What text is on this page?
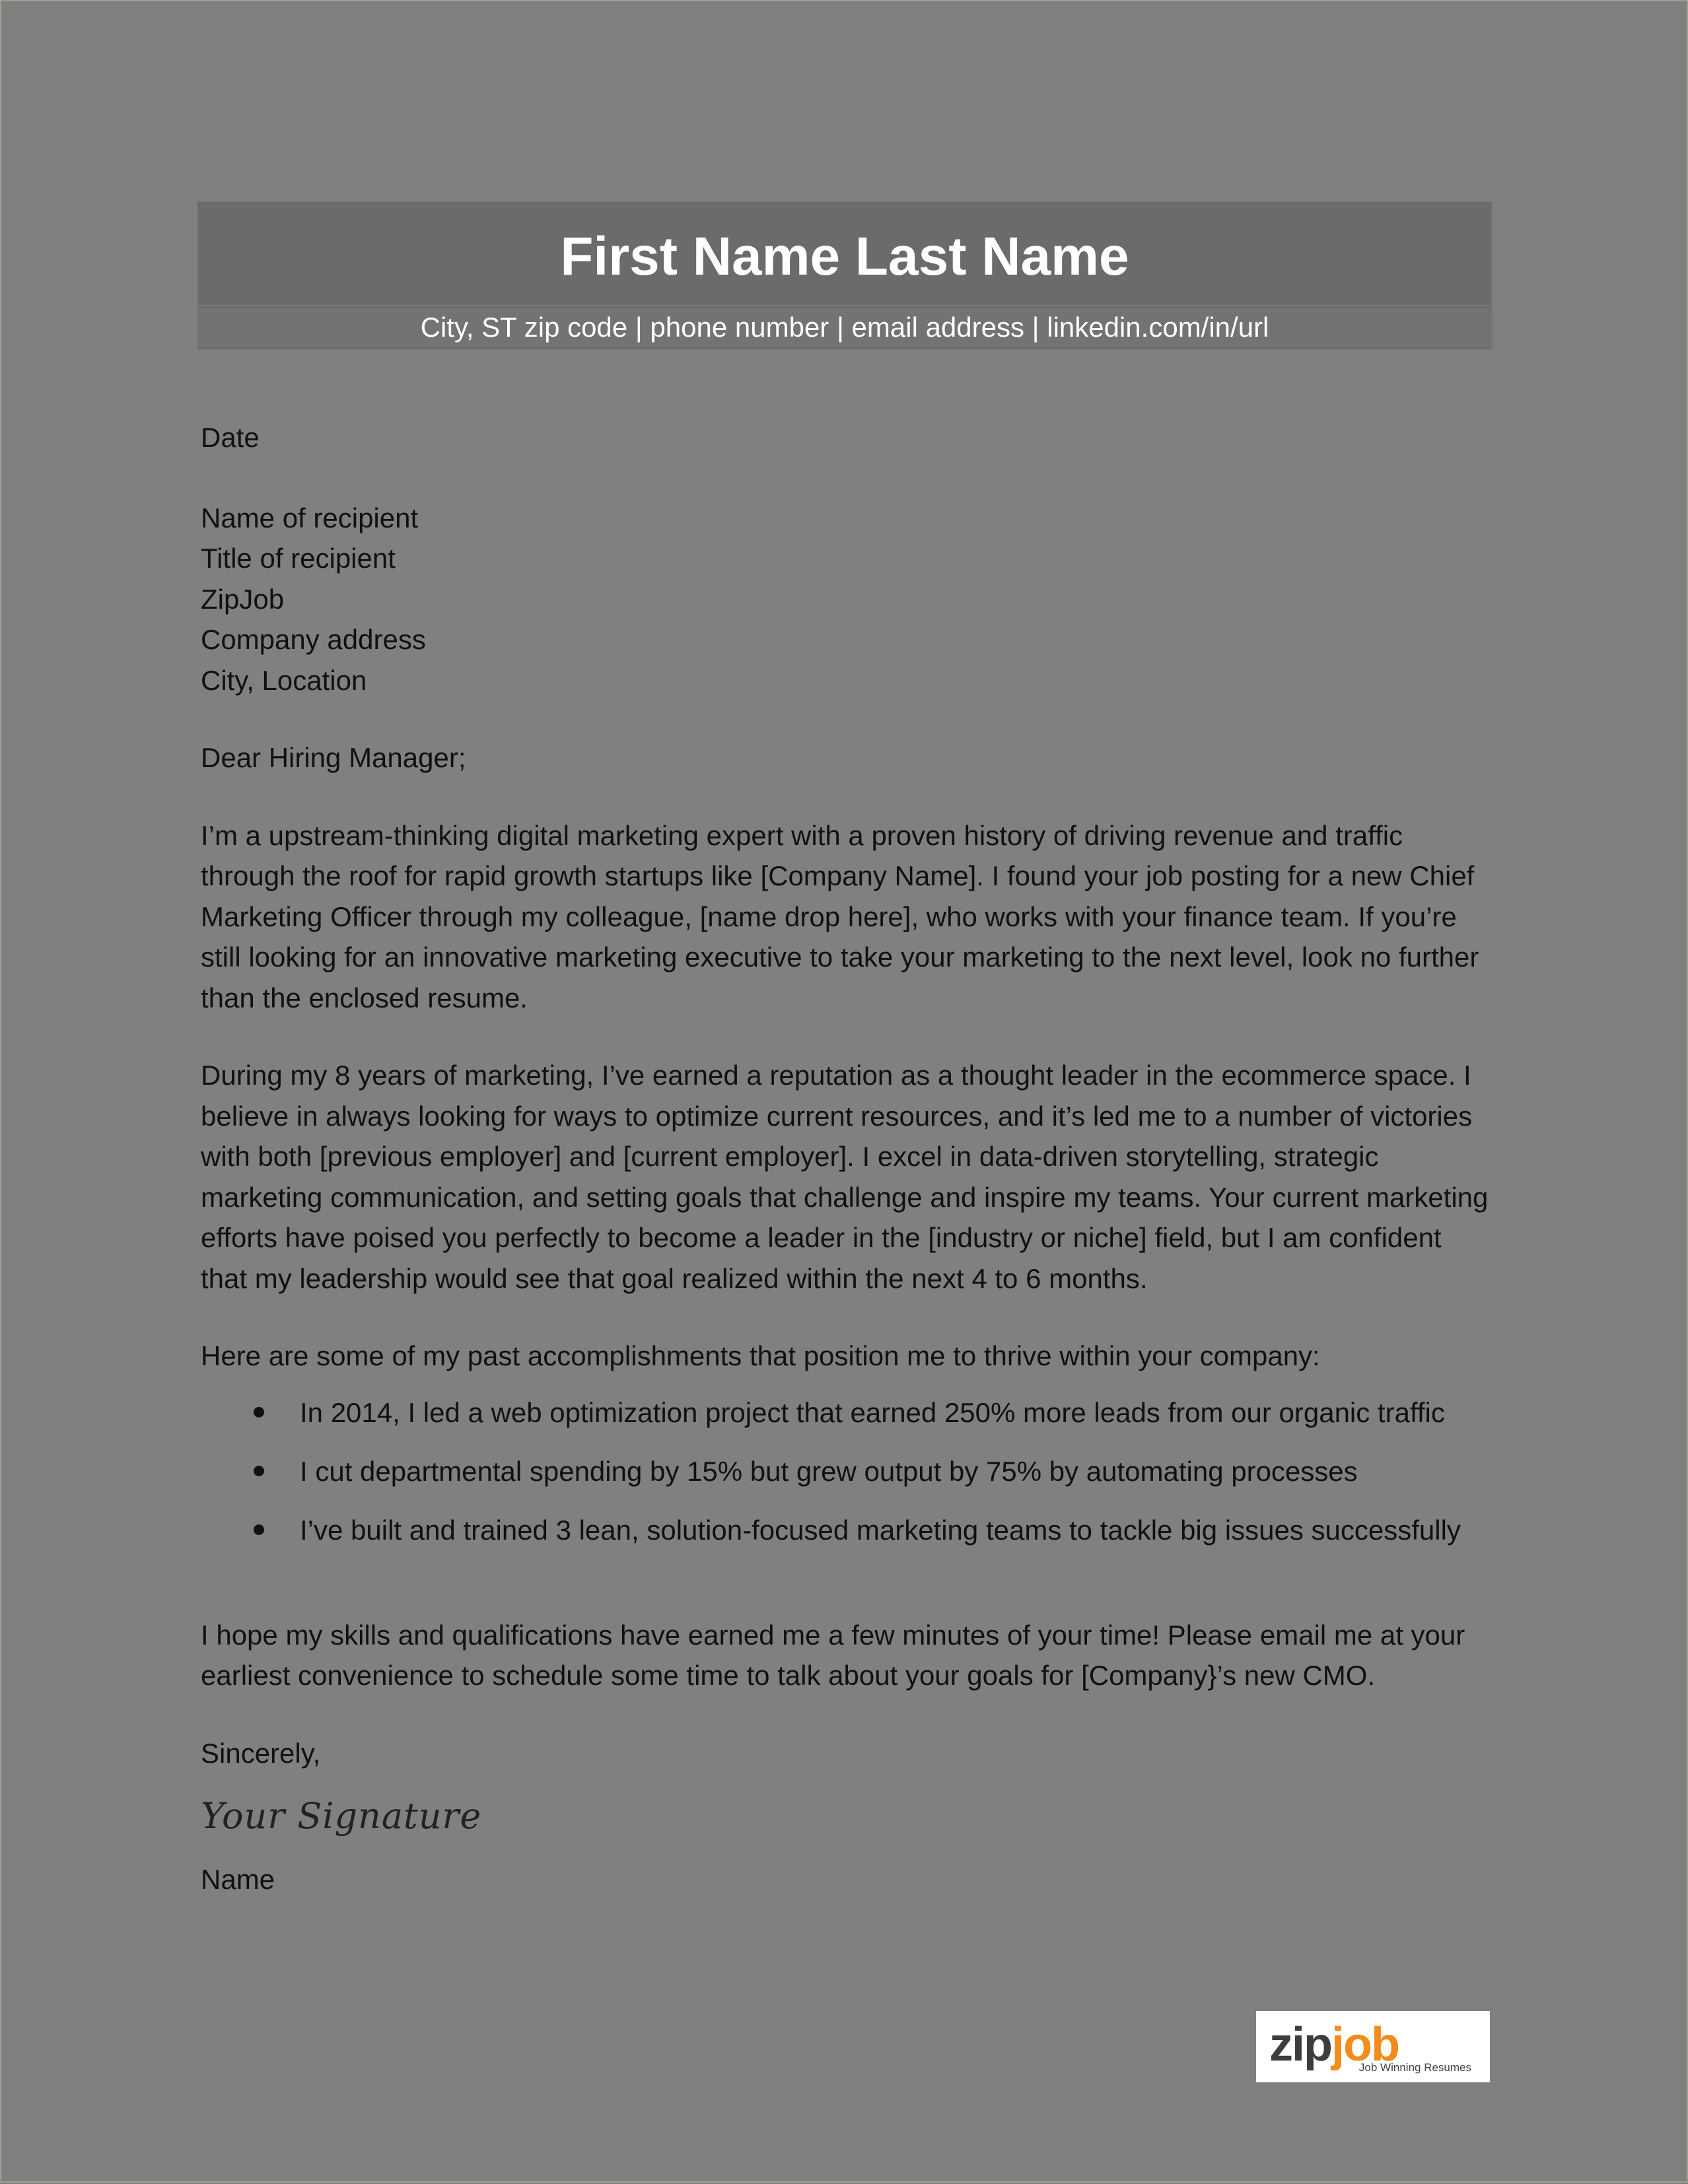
First Name Last Name
City, ST zip code | phone number | email address | linkedin.com/in/url

Date

Name of recipient

Title of recipient

ZipJob

Company address

City, Location

Dear Hiring Manager;

I’m a upstream-thinking digital marketing expert with a proven history of driving revenue and traffic through the roof for rapid growth startups like [Company Name]. I found your job posting for a new Chief Marketing Officer through my colleague, [name drop here], who works with your finance team. If you’re still looking for an innovative marketing executive to take your marketing to the next level, look no further than the enclosed resume.

During my 8 years of marketing, I’ve earned a reputation as a thought leader in the ecommerce space. I believe in always looking for ways to optimize current resources, and it’s led me to a number of victories with both [previous employer] and [current employer]. I excel in data-driven storytelling, strategic marketing communication, and setting goals that challenge and inspire my teams. Your current marketing efforts have poised you perfectly to become a leader in the [industry or niche] field, but I am confident that my leadership would see that goal realized within the next 4 to 6 months.

Here are some of my past accomplishments that position me to thrive within your company:

In 2014, I led a web optimization project that earned 250% more leads from our organic traffic
I cut departmental spending by 15% but grew output by 75% by automating processes
I’ve built and trained 3 lean, solution-focused marketing teams to tackle big issues successfully

I hope my skills and qualifications have earned me a few minutes of your time! Please email me at your earliest convenience to schedule some time to talk about your goals for [Company}’s new CMO.

Sincerely,

Your Signature

Name

zipjob
Job Winning Resumes
